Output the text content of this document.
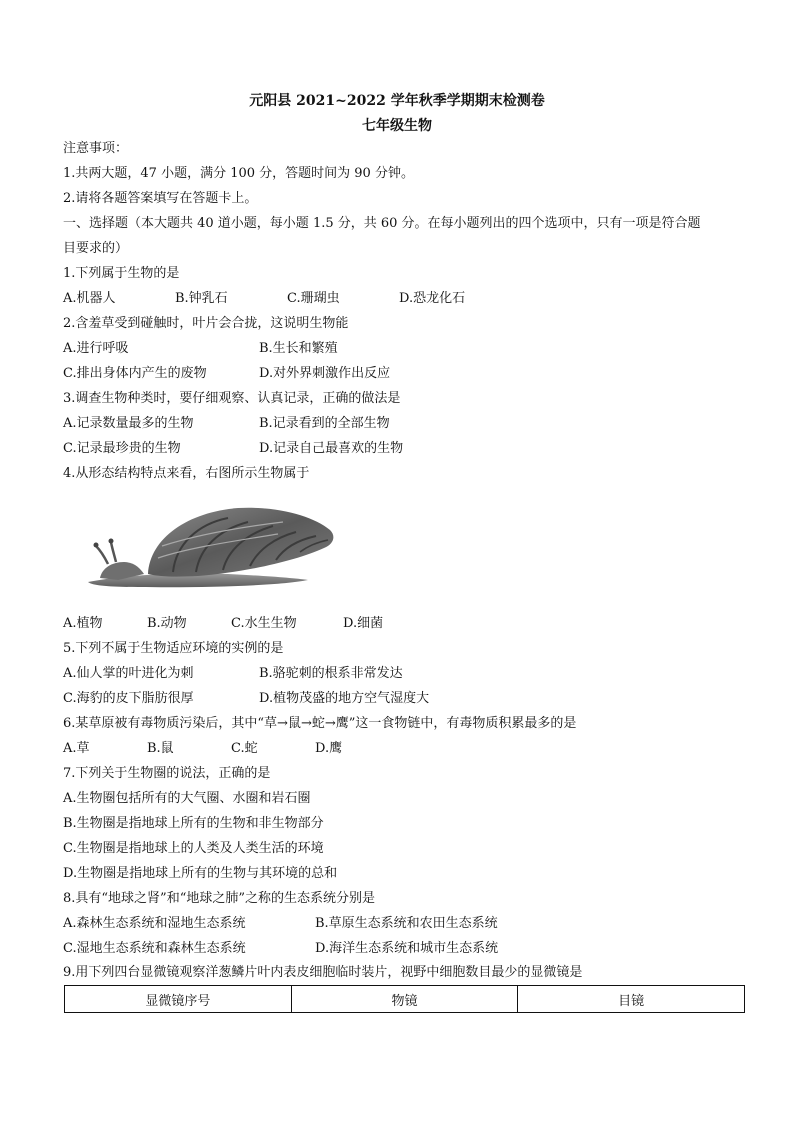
元阳县 2021~2022 学年秋季学期期末检测卷
七年级生物
注意事项：
1.共两大题，47 小题，满分 100 分，答题时间为 90 分钟。
2.请将各题答案填写在答题卡上。
一、选择题（本大题共 40 道小题，每小题 1.5 分，共 60 分。在每小题列出的四个选项中，只有一项是符合题
目要求的）
1.下列属于生物的是
A.机器人	B.钟乳石	C.珊瑚虫	D.恐龙化石
2.含羞草受到碰触时，叶片会合拢，这说明生物能
A.进行呼吸	B.生长和繁殖
C.排出身体内产生的废物	D.对外界刺激作出反应
3.调查生物种类时，要仔细观察、认真记录，正确的做法是
A.记录数量最多的生物	B.记录看到的全部生物
C.记录最珍贵的生物	D.记录自己最喜欢的生物
4.从形态结构特点来看，右图所示生物属于
A.植物	B.动物	C.水生生物	D.细菌
5.下列不属于生物适应环境的实例的是
A.仙人掌的叶进化为刺	B.骆驼刺的根系非常发达
C.海豹的皮下脂肪很厚	D.植物茂盛的地方空气湿度大
6.某草原被有毒物质污染后，其中“草→鼠→蛇→鹰”这一食物链中，有毒物质积累最多的是
A.草	B.鼠	C.蛇	D.鹰
7.下列关于生物圈的说法，正确的是
A.生物圈包括所有的大气圈、水圈和岩石圈
B.生物圈是指地球上所有的生物和非生物部分
C.生物圈是指地球上的人类及人类生活的环境
D.生物圈是指地球上所有的生物与其环境的总和
8.具有“地球之肾”和“地球之肺”之称的生态系统分别是
A.森林生态系统和湿地生态系统	B.草原生态系统和农田生态系统
C.湿地生态系统和森林生态系统	D.海洋生态系统和城市生态系统
9.用下列四台显微镜观察洋葱鳞片叶内表皮细胞临时装片，视野中细胞数目最少的显微镜是
显微镜序号	物镜	目镜
